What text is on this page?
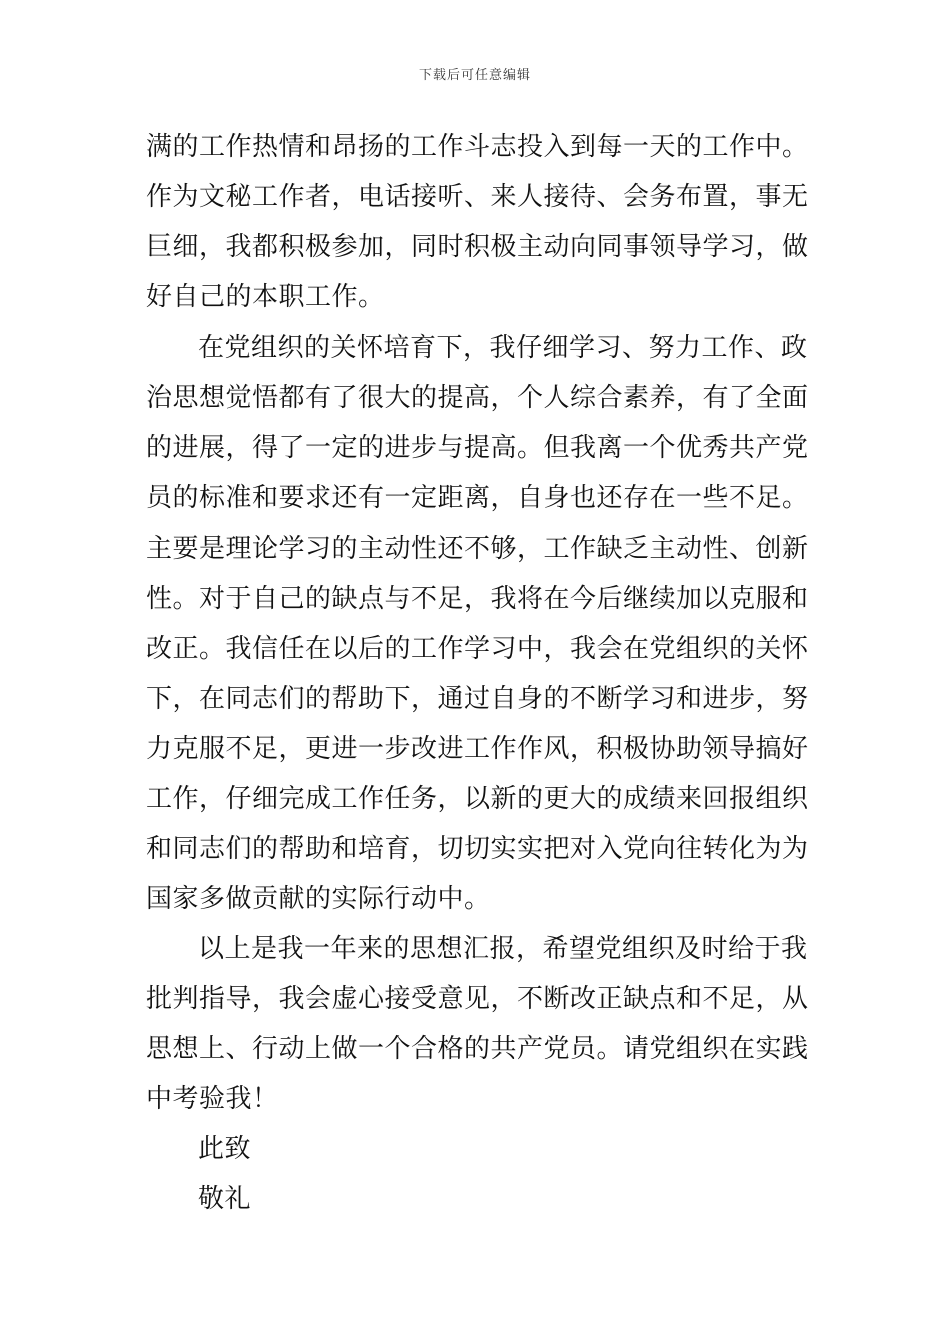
下载后可任意编辑
满的工作热情和昂扬的工作斗志投入到每一天的工作中。
作为文秘工作者，电话接听、来人接待、会务布置，事无
巨细，我都积极参加，同时积极主动向同事领导学习，做
好自己的本职工作。
在党组织的关怀培育下，我仔细学习、努力工作、政
治思想觉悟都有了很大的提高，个人综合素养，有了全面
的进展，得了一定的进步与提高。但我离一个优秀共产党
员的标准和要求还有一定距离，自身也还存在一些不足。
主要是理论学习的主动性还不够，工作缺乏主动性、创新
性。对于自己的缺点与不足，我将在今后继续加以克服和
改正。我信任在以后的工作学习中，我会在党组织的关怀
下，在同志们的帮助下，通过自身的不断学习和进步，努
力克服不足，更进一步改进工作作风，积极协助领导搞好
工作，仔细完成工作任务，以新的更大的成绩来回报组织
和同志们的帮助和培育，切切实实把对入党向往转化为为
国家多做贡献的实际行动中。
以上是我一年来的思想汇报，希望党组织及时给于我
批判指导，我会虚心接受意见，不断改正缺点和不足，从
思想上、行动上做一个合格的共产党员。请党组织在实践
中考验我！
此致
敬礼
